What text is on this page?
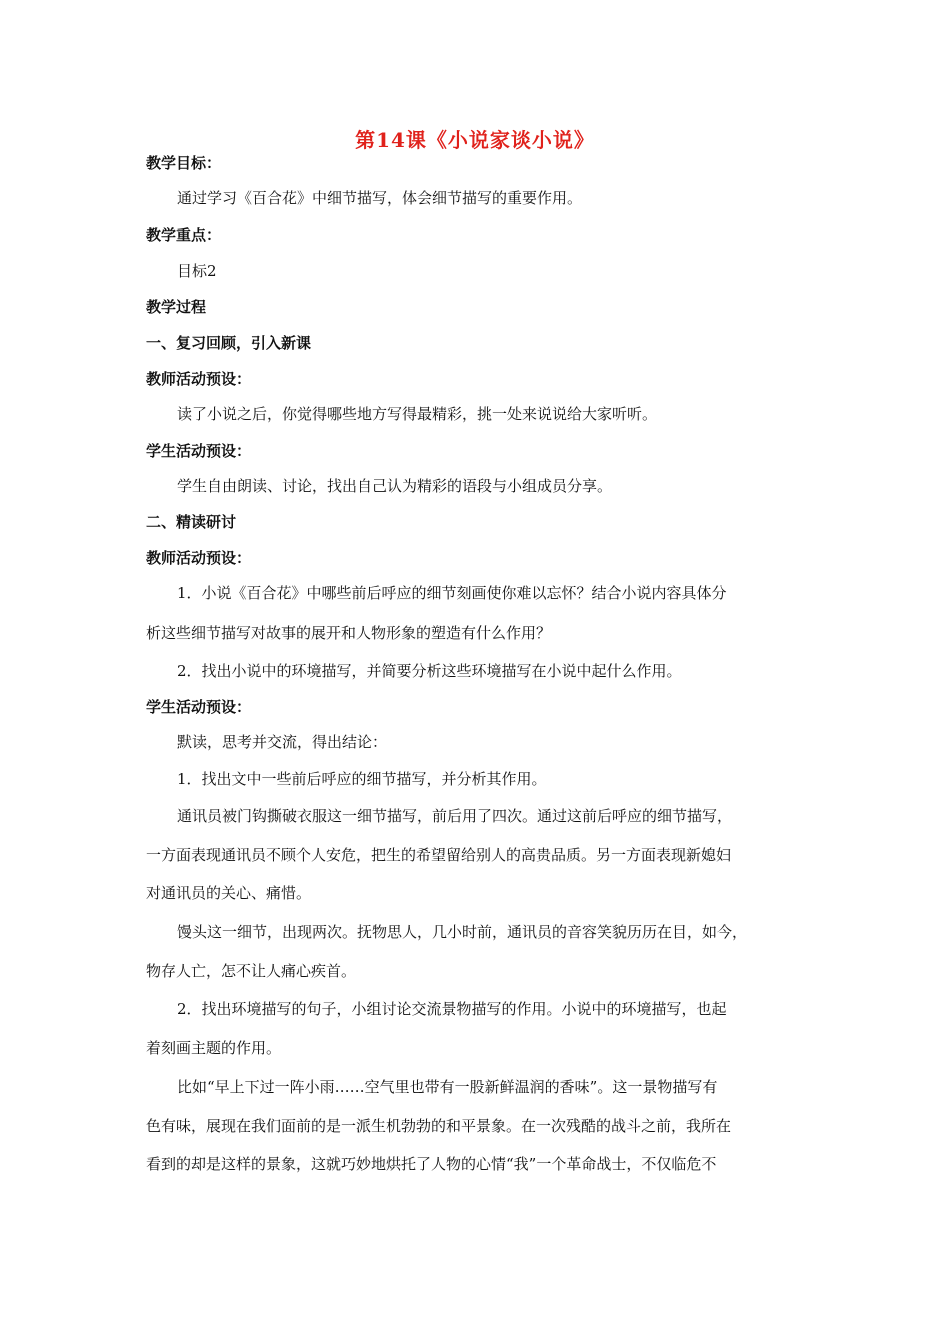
第14课《小说家谈小说》
教学目标：
通过学习《百合花》中细节描写，体会细节描写的重要作用。
教学重点：
目标2
教学过程
一、复习回顾，引入新课
教师活动预设：
读了小说之后，你觉得哪些地方写得最精彩，挑一处来说说给大家听听。
学生活动预设：
学生自由朗读、讨论，找出自己认为精彩的语段与小组成员分享。
二、精读研讨
教师活动预设：
1．小说《百合花》中哪些前后呼应的细节刻画使你难以忘怀？结合小说内容具体分
析这些细节描写对故事的展开和人物形象的塑造有什么作用？
2．找出小说中的环境描写，并简要分析这些环境描写在小说中起什么作用。
学生活动预设：
默读，思考并交流，得出结论：
1．找出文中一些前后呼应的细节描写，并分析其作用。
通讯员被门钩撕破衣服这一细节描写，前后用了四次。通过这前后呼应的细节描写，
一方面表现通讯员不顾个人安危，把生的希望留给别人的高贵品质。另一方面表现新媳妇
对通讯员的关心、痛惜。
馒头这一细节，出现两次。抚物思人，几小时前，通讯员的音容笑貌历历在目，如今，
物存人亡，怎不让人痛心疾首。
2．找出环境描写的句子，小组讨论交流景物描写的作用。小说中的环境描写，也起
着刻画主题的作用。
比如“早上下过一阵小雨……空气里也带有一股新鲜温润的香味”。这一景物描写有
色有味，展现在我们面前的是一派生机勃勃的和平景象。在一次残酷的战斗之前，我所在
看到的却是这样的景象，这就巧妙地烘托了人物的心情“我”一个革命战士，不仅临危不
